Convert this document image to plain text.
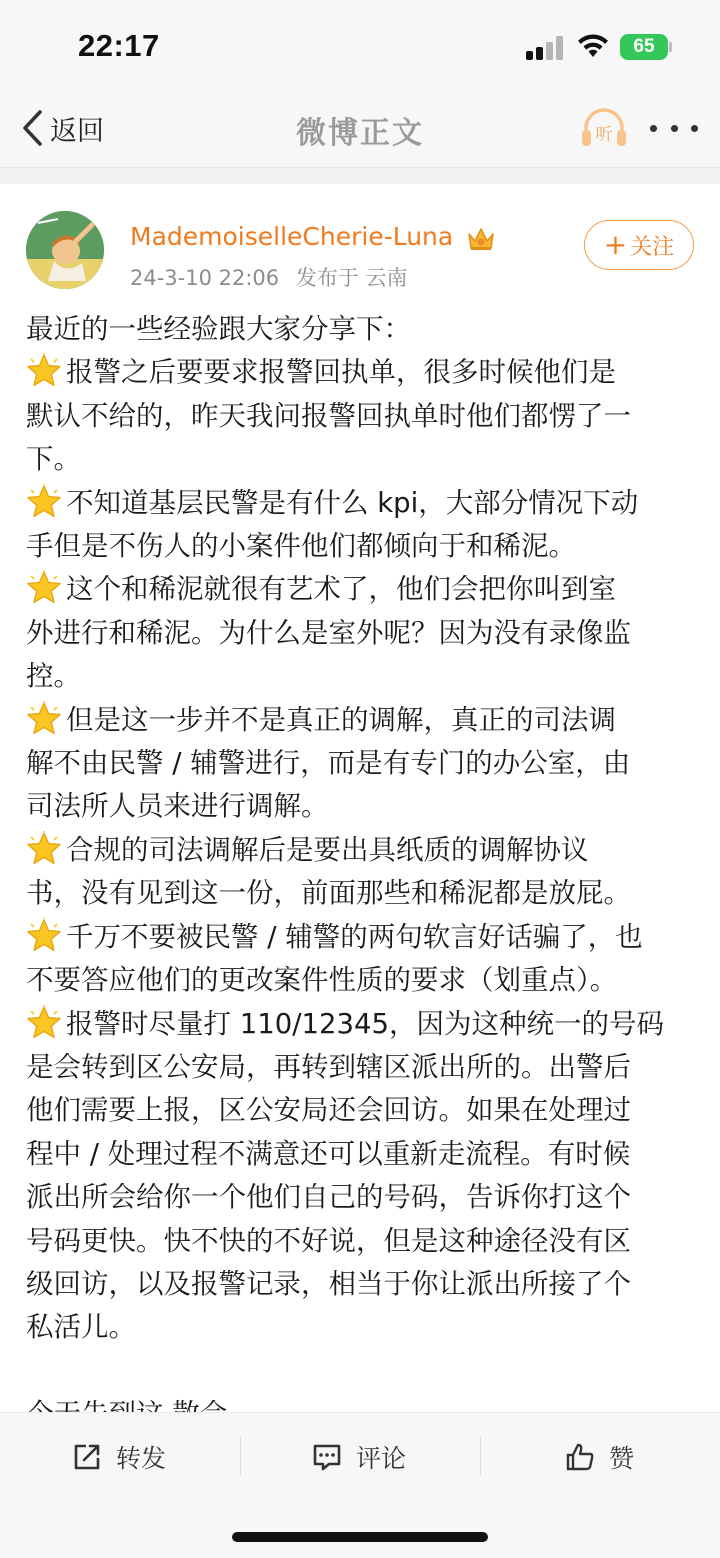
22:17	65
返回	微博正文	听
MademoiselleCherie-Luna
24-3-10 22:06 发布于 云南
+ 关注
最近的一些经验跟大家分享下：
报警之后要要求报警回执单，很多时候他们是
默认不给的，昨天我问报警回执单时他们都愣了一
下。
不知道基层民警是有什么 kpi，大部分情况下动
手但是不伤人的小案件他们都倾向于和稀泥。
这个和稀泥就很有艺术了，他们会把你叫到室
外进行和稀泥。为什么是室外呢？因为没有录像监
控。
但是这一步并不是真正的调解，真正的司法调
解不由民警 / 辅警进行，而是有专门的办公室，由
司法所人员来进行调解。
合规的司法调解后是要出具纸质的调解协议
书，没有见到这一份，前面那些和稀泥都是放屁。
千万不要被民警 / 辅警的两句软言好话骗了，也
不要答应他们的更改案件性质的要求（划重点）。
报警时尽量打 110/12345，因为这种统一的号码
是会转到区公安局，再转到辖区派出所的。出警后
他们需要上报，区公安局还会回访。如果在处理过
程中 / 处理过程不满意还可以重新走流程。有时候
派出所会给你一个他们自己的号码，告诉你打这个
号码更快。快不快的不好说，但是这种途径没有区
级回访，以及报警记录，相当于你让派出所接了个
私活儿。
转发	评论	赞
